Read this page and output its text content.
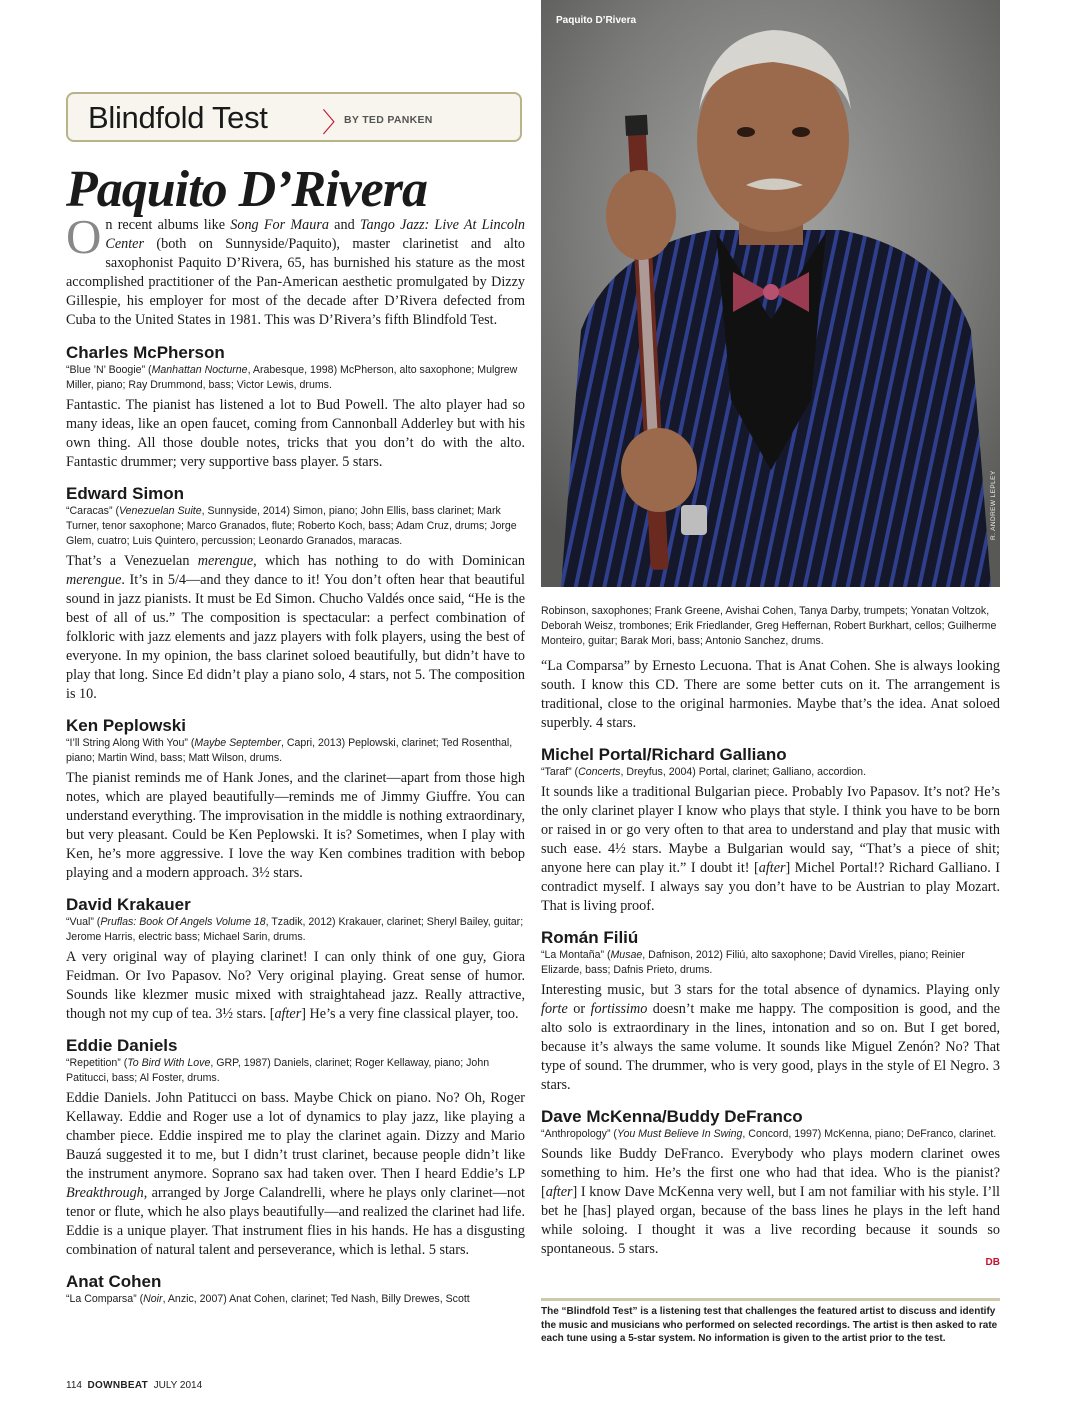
Blindfold Test 〉
BY TED PANKEN
Paquito D’Rivera
Paquito D’Rivera
R. ANDREW LEPLEY

On recent albums like Song For Maura and Tango Jazz: Live At Lincoln Center (both on Sunnyside/Paquito), master clarinetist and alto saxophonist Paquito D’Rivera, 65, has burnished his stature as the most accomplished practitioner of the Pan-American aesthetic promulgated by Dizzy Gillespie, his employer for most of the decade after D’Rivera defected from Cuba to the United States in 1981. This was D’Rivera’s fifth Blindfold Test.

Charles McPherson

“Blue ’N’ Boogie” (Manhattan Nocturne, Arabesque, 1998) McPherson, alto saxophone; Mulgrew Miller, piano; Ray Drummond, bass; Victor Lewis, drums.

Fantastic. The pianist has listened a lot to Bud Powell. The alto player had so many ideas, like an open faucet, coming from Cannonball Adderley but with his own thing. All those double notes, tricks that you don’t do with the alto. Fantastic drummer; very supportive bass player. 5 stars.

Edward Simon

“Caracas” (Venezuelan Suite, Sunnyside, 2014) Simon, piano; John Ellis, bass clarinet; Mark Turner, tenor saxophone; Marco Granados, flute; Roberto Koch, bass; Adam Cruz, drums; Jorge Glem, cuatro; Luis Quintero, percussion; Leonardo Granados, maracas.

That’s a Venezuelan merengue, which has nothing to do with Dominican merengue. It’s in 5/4—and they dance to it! You don’t often hear that beautiful sound in jazz pianists. It must be Ed Simon. Chucho Valdés once said, “He is the best of all of us.” The composition is spectacular: a perfect combination of folkloric with jazz elements and jazz players with folk players, using the best of everyone. In my opinion, the bass clarinet soloed beautifully, but didn’t have to play that long. Since Ed didn’t play a piano solo, 4 stars, not 5. The composition is 10.

Ken Peplowski

“I’ll String Along With You” (Maybe September, Capri, 2013) Peplowski, clarinet; Ted Rosenthal, piano; Martin Wind, bass; Matt Wilson, drums.

The pianist reminds me of Hank Jones, and the clarinet—apart from those high notes, which are played beautifully—reminds me of Jimmy Giuffre. You can understand everything. The improvisation in the middle is nothing extraordinary, but very pleasant. Could be Ken Peplowski. It is? Sometimes, when I play with Ken, he’s more aggressive. I love the way Ken combines tradition with bebop playing and a modern approach. 3½ stars.

David Krakauer

“Vual” (Pruflas: Book Of Angels Volume 18, Tzadik, 2012) Krakauer, clarinet; Sheryl Bailey, guitar; Jerome Harris, electric bass; Michael Sarin, drums.

A very original way of playing clarinet! I can only think of one guy, Giora Feidman. Or Ivo Papasov. No? Very original playing. Great sense of humor. Sounds like klezmer music mixed with straightahead jazz. Really attractive, though not my cup of tea. 3½ stars. [after] He’s a very fine classical player, too.

Eddie Daniels

“Repetition” (To Bird With Love, GRP, 1987) Daniels, clarinet; Roger Kellaway, piano; John Patitucci, bass; Al Foster, drums.

Eddie Daniels. John Patitucci on bass. Maybe Chick on piano. No? Oh, Roger Kellaway. Eddie and Roger use a lot of dynamics to play jazz, like playing a chamber piece. Eddie inspired me to play the clarinet again. Dizzy and Mario Bauzá suggested it to me, but I didn’t trust clarinet, because people didn’t like the instrument anymore. Soprano sax had taken over. Then I heard Eddie’s LP Breakthrough, arranged by Jorge Calandrelli, where he plays only clarinet—not tenor or flute, which he also plays beautifully—and realized the clarinet had life. Eddie is a unique player. That instrument flies in his hands. He has a disgusting combination of natural talent and perseverance, which is lethal. 5 stars.

Anat Cohen

“La Comparsa” (Noir, Anzic, 2007) Anat Cohen, clarinet; Ted Nash, Billy Drewes, Scott

Robinson, saxophones; Frank Greene, Avishai Cohen, Tanya Darby, trumpets; Yonatan Voltzok, Deborah Weisz, trombones; Erik Friedlander, Greg Heffernan, Robert Burkhart, cellos; Guilherme Monteiro, guitar; Barak Mori, bass; Antonio Sanchez, drums.

“La Comparsa” by Ernesto Lecuona. That is Anat Cohen. She is always looking south. I know this CD. There are some better cuts on it. The arrangement is traditional, close to the original harmonies. Maybe that’s the idea. Anat soloed superbly. 4 stars.

Michel Portal/Richard Galliano

“Taraf” (Concerts, Dreyfus, 2004) Portal, clarinet; Galliano, accordion.

It sounds like a traditional Bulgarian piece. Probably Ivo Papasov. It’s not? He’s the only clarinet player I know who plays that style. I think you have to be born or raised in or go very often to that area to understand and play that music with such ease. 4½ stars. Maybe a Bulgarian would say, “That’s a piece of shit; anyone here can play it.” I doubt it! [after] Michel Portal!? Richard Galliano. I contradict myself. I always say you don’t have to be Austrian to play Mozart. That is living proof.

Román Filiú

“La Montaña” (Musae, Dafnison, 2012) Filiú, alto saxophone; David Virelles, piano; Reinier Elizarde, bass; Dafnis Prieto, drums.

Interesting music, but 3 stars for the total absence of dynamics. Playing only forte or fortissimo doesn’t make me happy. The composition is good, and the alto solo is extraordinary in the lines, intonation and so on. But I get bored, because it’s always the same volume. It sounds like Miguel Zenón? No? That type of sound. The drummer, who is very good, plays in the style of El Negro. 3 stars.

Dave McKenna/Buddy DeFranco

“Anthropology” (You Must Believe In Swing, Concord, 1997) McKenna, piano; DeFranco, clarinet.

Sounds like Buddy DeFranco. Everybody who plays modern clarinet owes something to him. He’s the first one who had that idea. Who is the pianist? [after] I know Dave McKenna very well, but I am not familiar with his style. I’ll bet he [has] played organ, because of the bass lines he plays in the left hand while soloing. I thought it was a live recording because it sounds so spontaneous. 5 stars.

DB
The “Blindfold Test” is a listening test that challenges the featured artist to discuss and identify the music and musicians who performed on selected recordings. The artist is then asked to rate each tune using a 5-star system. No information is given to the artist prior to the test.
114 DOWNBEAT JULY 2014
